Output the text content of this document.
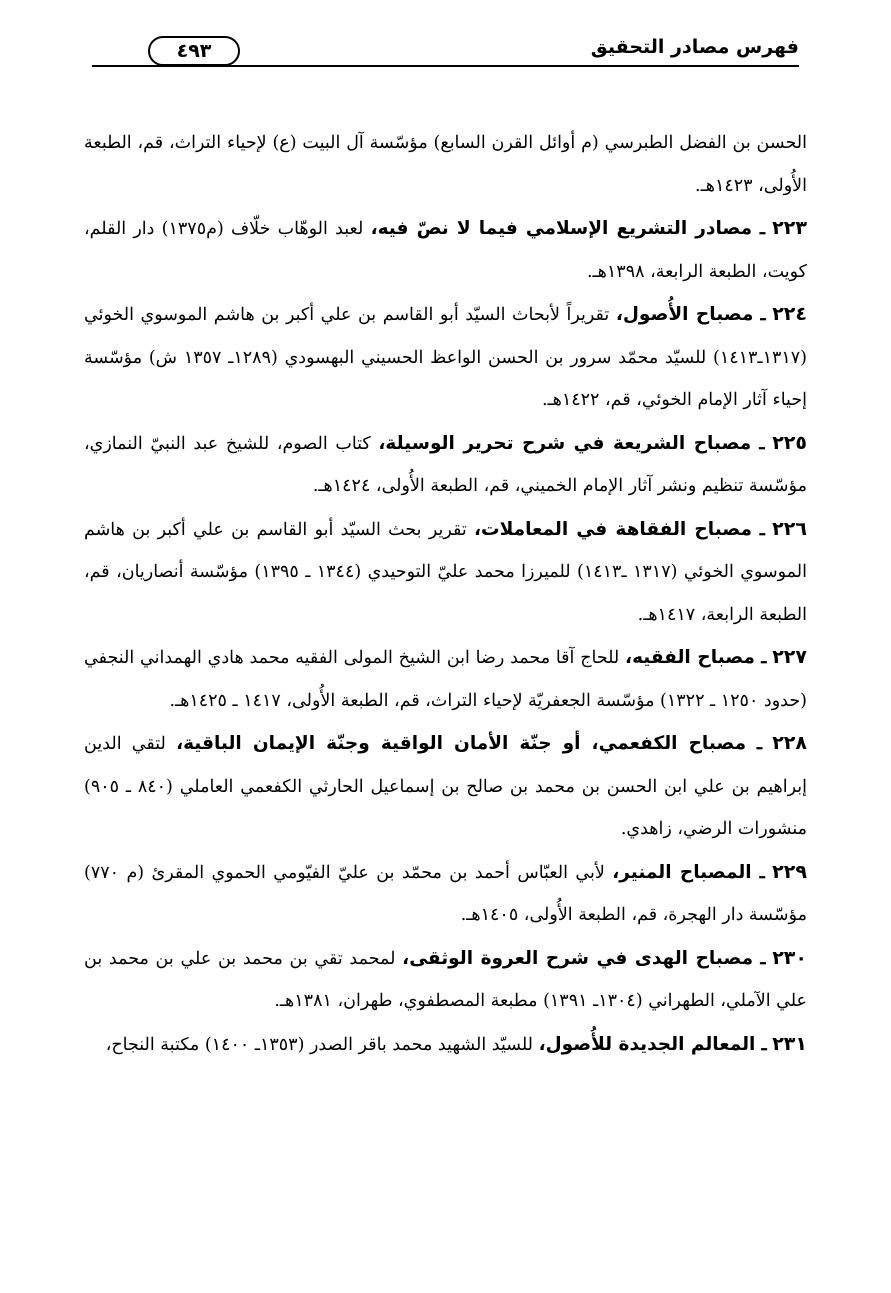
فهرس مصادر التحقيق
٤٩٣

الحسن بن الفضل الطبرسي (م أوائل القرن السابع) مؤسّسة آل البيت (ع) لإحياء التراث، قم، الطبعة الأُولى، ١٤٢٣هـ.

٢٢٣ ـ مصادر التشريع الإسلامي فيما لا نصّ فيه، لعبد الوهّاب خلّاف (م١٣٧٥) دار القلم، كويت، الطبعة الرابعة، ١٣٩٨هـ.

٢٢٤ ـ مصباح الأُصول، تقريراً لأبحاث السيّد أبو القاسم بن علي أكبر بن هاشم الموسوي الخوئي (١٣١٧ـ١٤١٣) للسيّد محمّد سرور بن الحسن الواعظ الحسيني البهسودي (١٢٨٩ـ ١٣٥٧ ش) مؤسّسة إحياء آثار الإمام الخوئي، قم، ١٤٢٢هـ.

٢٢٥ ـ مصباح الشريعة في شرح تحرير الوسيلة، كتاب الصوم، للشيخ عبد النبيّ النمازي، مؤسّسة تنظيم ونشر آثار الإمام الخميني، قم، الطبعة الأُولى، ١٤٢٤هـ.

٢٢٦ ـ مصباح الفقاهة في المعاملات، تقرير بحث السيّد أبو القاسم بن علي أكبر بن هاشم الموسوي الخوئي (١٣١٧ ـ١٤١٣) للميرزا محمد عليّ التوحيدي (١٣٤٤ ـ ١٣٩٥) مؤسّسة أنصاريان، قم، الطبعة الرابعة، ١٤١٧هـ.

٢٢٧ ـ مصباح الفقيه، للحاج آقا محمد رضا ابن الشيخ المولى الفقيه محمد هادي الهمداني النجفي (حدود ١٢٥٠ ـ ١٣٢٢) مؤسّسة الجعفريّة لإحياء التراث، قم، الطبعة الأُولى، ١٤١٧ ـ ١٤٢٥هـ.

٢٢٨ ـ مصباح الكفعمي، أو جنّة الأمان الواقية وجنّة الإيمان الباقية، لتقي الدين إبراهيم بن علي ابن الحسن بن محمد بن صالح بن إسماعيل الحارثي الكفعمي العاملي (٨٤٠ ـ ٩٠٥) منشورات الرضي، زاهدي.

٢٢٩ ـ المصباح المنير، لأبي العبّاس أحمد بن محمّد بن عليّ الفيّومي الحموي المقرئ (م ٧٧٠) مؤسّسة دار الهجرة، قم، الطبعة الأُولى، ١٤٠٥هـ.

٢٣٠ ـ مصباح الهدى في شرح العروة الوثقى، لمحمد تقي بن محمد بن علي بن محمد بن علي الآملي، الطهراني (١٣٠٤ـ ١٣٩١) مطبعة المصطفوي، طهران، ١٣٨١هـ.

٢٣١ ـ المعالم الجديدة للأُصول، للسيّد الشهيد محمد باقر الصدر (١٣٥٣ـ ١٤٠٠) مكتبة النجاح،
